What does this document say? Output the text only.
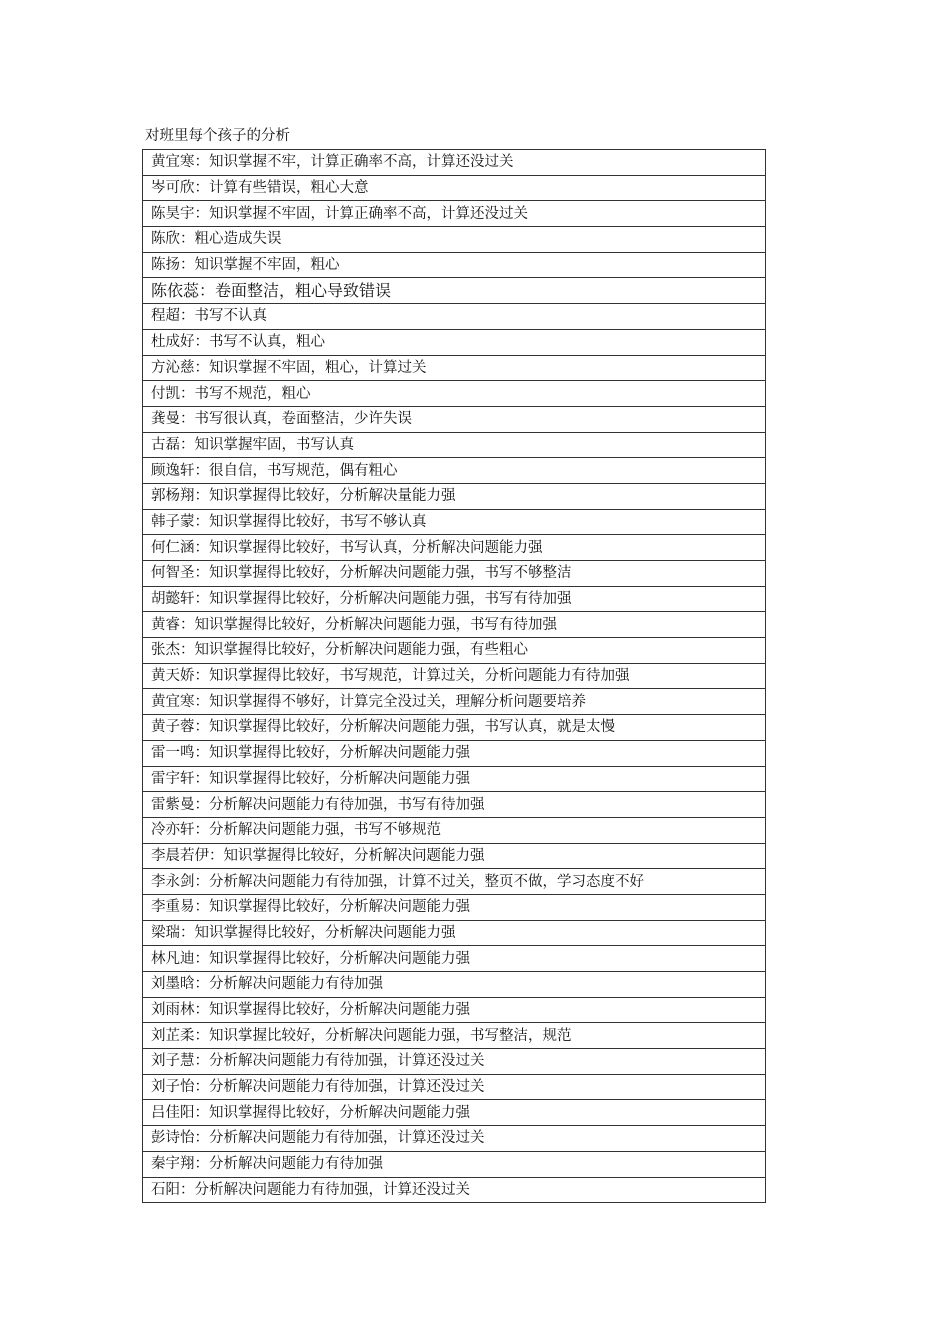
对班里每个孩子的分析
黄宜寒：知识掌握不牢，计算正确率不高，计算还没过关
岑可欣：计算有些错误，粗心大意
陈昊宇：知识掌握不牢固，计算正确率不高，计算还没过关
陈欣：粗心造成失误
陈扬：知识掌握不牢固，粗心
陈依蕊：卷面整洁，粗心导致错误
程超：书写不认真
杜成好：书写不认真，粗心
方沁慈：知识掌握不牢固，粗心，计算过关
付凯：书写不规范，粗心
龚曼：书写很认真，卷面整洁，少许失误
古磊：知识掌握牢固，书写认真
顾逸轩：很自信，书写规范，偶有粗心
郭杨翔：知识掌握得比较好，分析解决量能力强
韩子蒙：知识掌握得比较好，书写不够认真
何仁涵：知识掌握得比较好，书写认真，分析解决问题能力强
何智圣：知识掌握得比较好，分析解决问题能力强，书写不够整洁
胡懿轩：知识掌握得比较好，分析解决问题能力强，书写有待加强
黄睿：知识掌握得比较好，分析解决问题能力强，书写有待加强
张杰：知识掌握得比较好，分析解决问题能力强，有些粗心
黄天娇：知识掌握得比较好，书写规范，计算过关，分析问题能力有待加强
黄宜寒：知识掌握得不够好，计算完全没过关，理解分析问题要培养
黄子蓉：知识掌握得比较好，分析解决问题能力强，书写认真，就是太慢
雷一鸣：知识掌握得比较好，分析解决问题能力强
雷宇轩：知识掌握得比较好，分析解决问题能力强
雷紫曼：分析解决问题能力有待加强，书写有待加强
冷亦轩：分析解决问题能力强，书写不够规范
李晨若伊：知识掌握得比较好，分析解决问题能力强
李永剑：分析解决问题能力有待加强，计算不过关，整页不做，学习态度不好
李重易：知识掌握得比较好，分析解决问题能力强
梁瑞：知识掌握得比较好，分析解决问题能力强
林凡迪：知识掌握得比较好，分析解决问题能力强
刘墨晗：分析解决问题能力有待加强
刘雨林：知识掌握得比较好，分析解决问题能力强
刘芷柔：知识掌握比较好，分析解决问题能力强，书写整洁，规范
刘子慧：分析解决问题能力有待加强，计算还没过关
刘子怡：分析解决问题能力有待加强，计算还没过关
吕佳阳：知识掌握得比较好，分析解决问题能力强
彭诗怡：分析解决问题能力有待加强，计算还没过关
秦宇翔：分析解决问题能力有待加强
石阳：分析解决问题能力有待加强，计算还没过关
